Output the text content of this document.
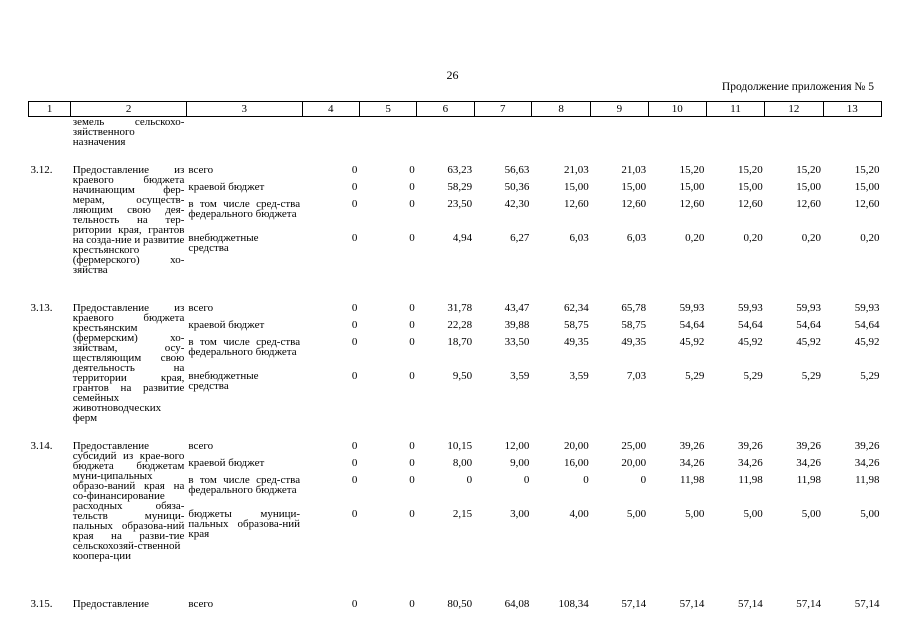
26
Продолжение приложения № 5
1	2	3	4	5	6	7	8	9	10	11	12	13
	земель сельскохо-зяйственного назначения											

3.12.	Предоставление из краевого бюджета начинающим фер-мерам, осуществ-ляющим свою дея-тельность на тер-ритории края, грантов на созда-ние и развитие крестьянского (фермерского) хо-зяйства	всего	0	0	63,23	56,63	21,03	21,03	15,20	15,20	15,20	15,20
		краевой бюджет	0	0	58,29	50,36	15,00	15,00	15,00	15,00	15,00	15,00
		в том числе сред-ства федерального бюджета	0	0	23,50	42,30	12,60	12,60	12,60	12,60	12,60	12,60
		внебюджетные средства	0	0	4,94	6,27	6,03	6,03	0,20	0,20	0,20	0,20

3.13.	Предоставление из краевого бюджета крестьянским (фермерским) хо-зяйствам, осу-ществляющим свою деятельность на территории края, грантов на развитие семейных животноводческих ферм	всего	0	0	31,78	43,47	62,34	65,78	59,93	59,93	59,93	59,93
		краевой бюджет	0	0	22,28	39,88	58,75	58,75	54,64	54,64	54,64	54,64
		в том числе сред-ства федерального бюджета	0	0	18,70	33,50	49,35	49,35	45,92	45,92	45,92	45,92
		внебюджетные средства	0	0	9,50	3,59	3,59	7,03	5,29	5,29	5,29	5,29

3.14.	Предоставление субсидий из крае-вого бюджета бюджетам муни-ципальных образо-ваний края на со-финансирование расходных обяза-тельств муници-пальных образова-ний края на разви-тие сельскохозяй-ственной коопера-ции	всего	0	0	10,15	12,00	20,00	25,00	39,26	39,26	39,26	39,26
		краевой бюджет	0	0	8,00	9,00	16,00	20,00	34,26	34,26	34,26	34,26
		в том числе сред-ства федерального бюджета	0	0	0	0	0	0	11,98	11,98	11,98	11,98
		бюджеты муници-пальных образова-ний края	0	0	2,15	3,00	4,00	5,00	5,00	5,00	5,00	5,00

3.15.	Предоставление	всего	0	0	80,50	64,08	108,34	57,14	57,14	57,14	57,14	57,14
